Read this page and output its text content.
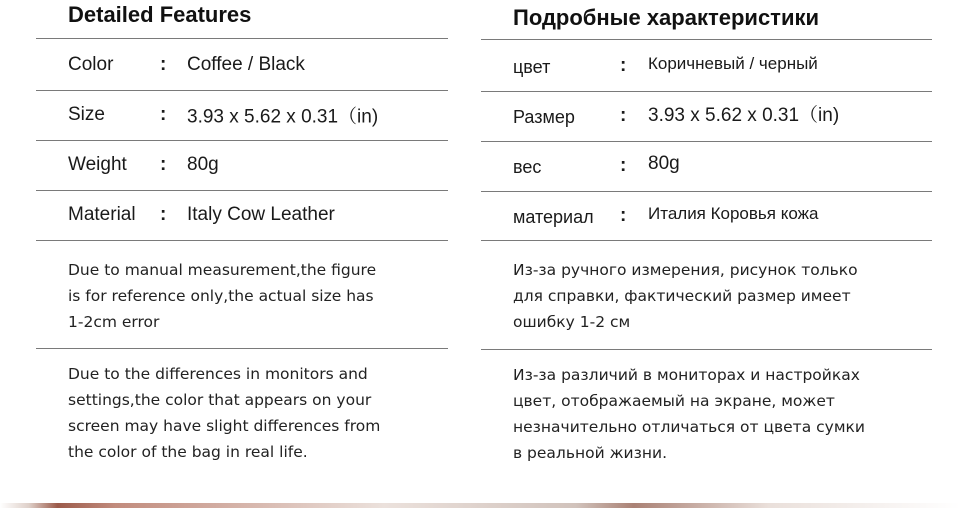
Detailed Features
Color : Coffee / Black
Size	: 3.93 x 5.62 x 0.31（in)
Weight : 80g
Material : Italy Cow Leather
Due to manual measurement,the figure
is for reference only,the actual size has
1-2cm error
Due to the differences in monitors and
settings,the color that appears on your
screen may have slight differences from
the color of the bag in real life.
Подробные характеристики
цвет	: Коричневый / черный
Размер : 3.93 x 5.62 x 0.31（in)
вес	: 80g
материал : Италия Коровья кожа
Из-за ручного измерения, рисунок только
для справки, фактический размер имеет
ошибку 1-2 см
Из-за различий в мониторах и настройках
цвет, отображаемый на экране, может
незначительно отличаться от цвета сумки
в реальной жизни.
